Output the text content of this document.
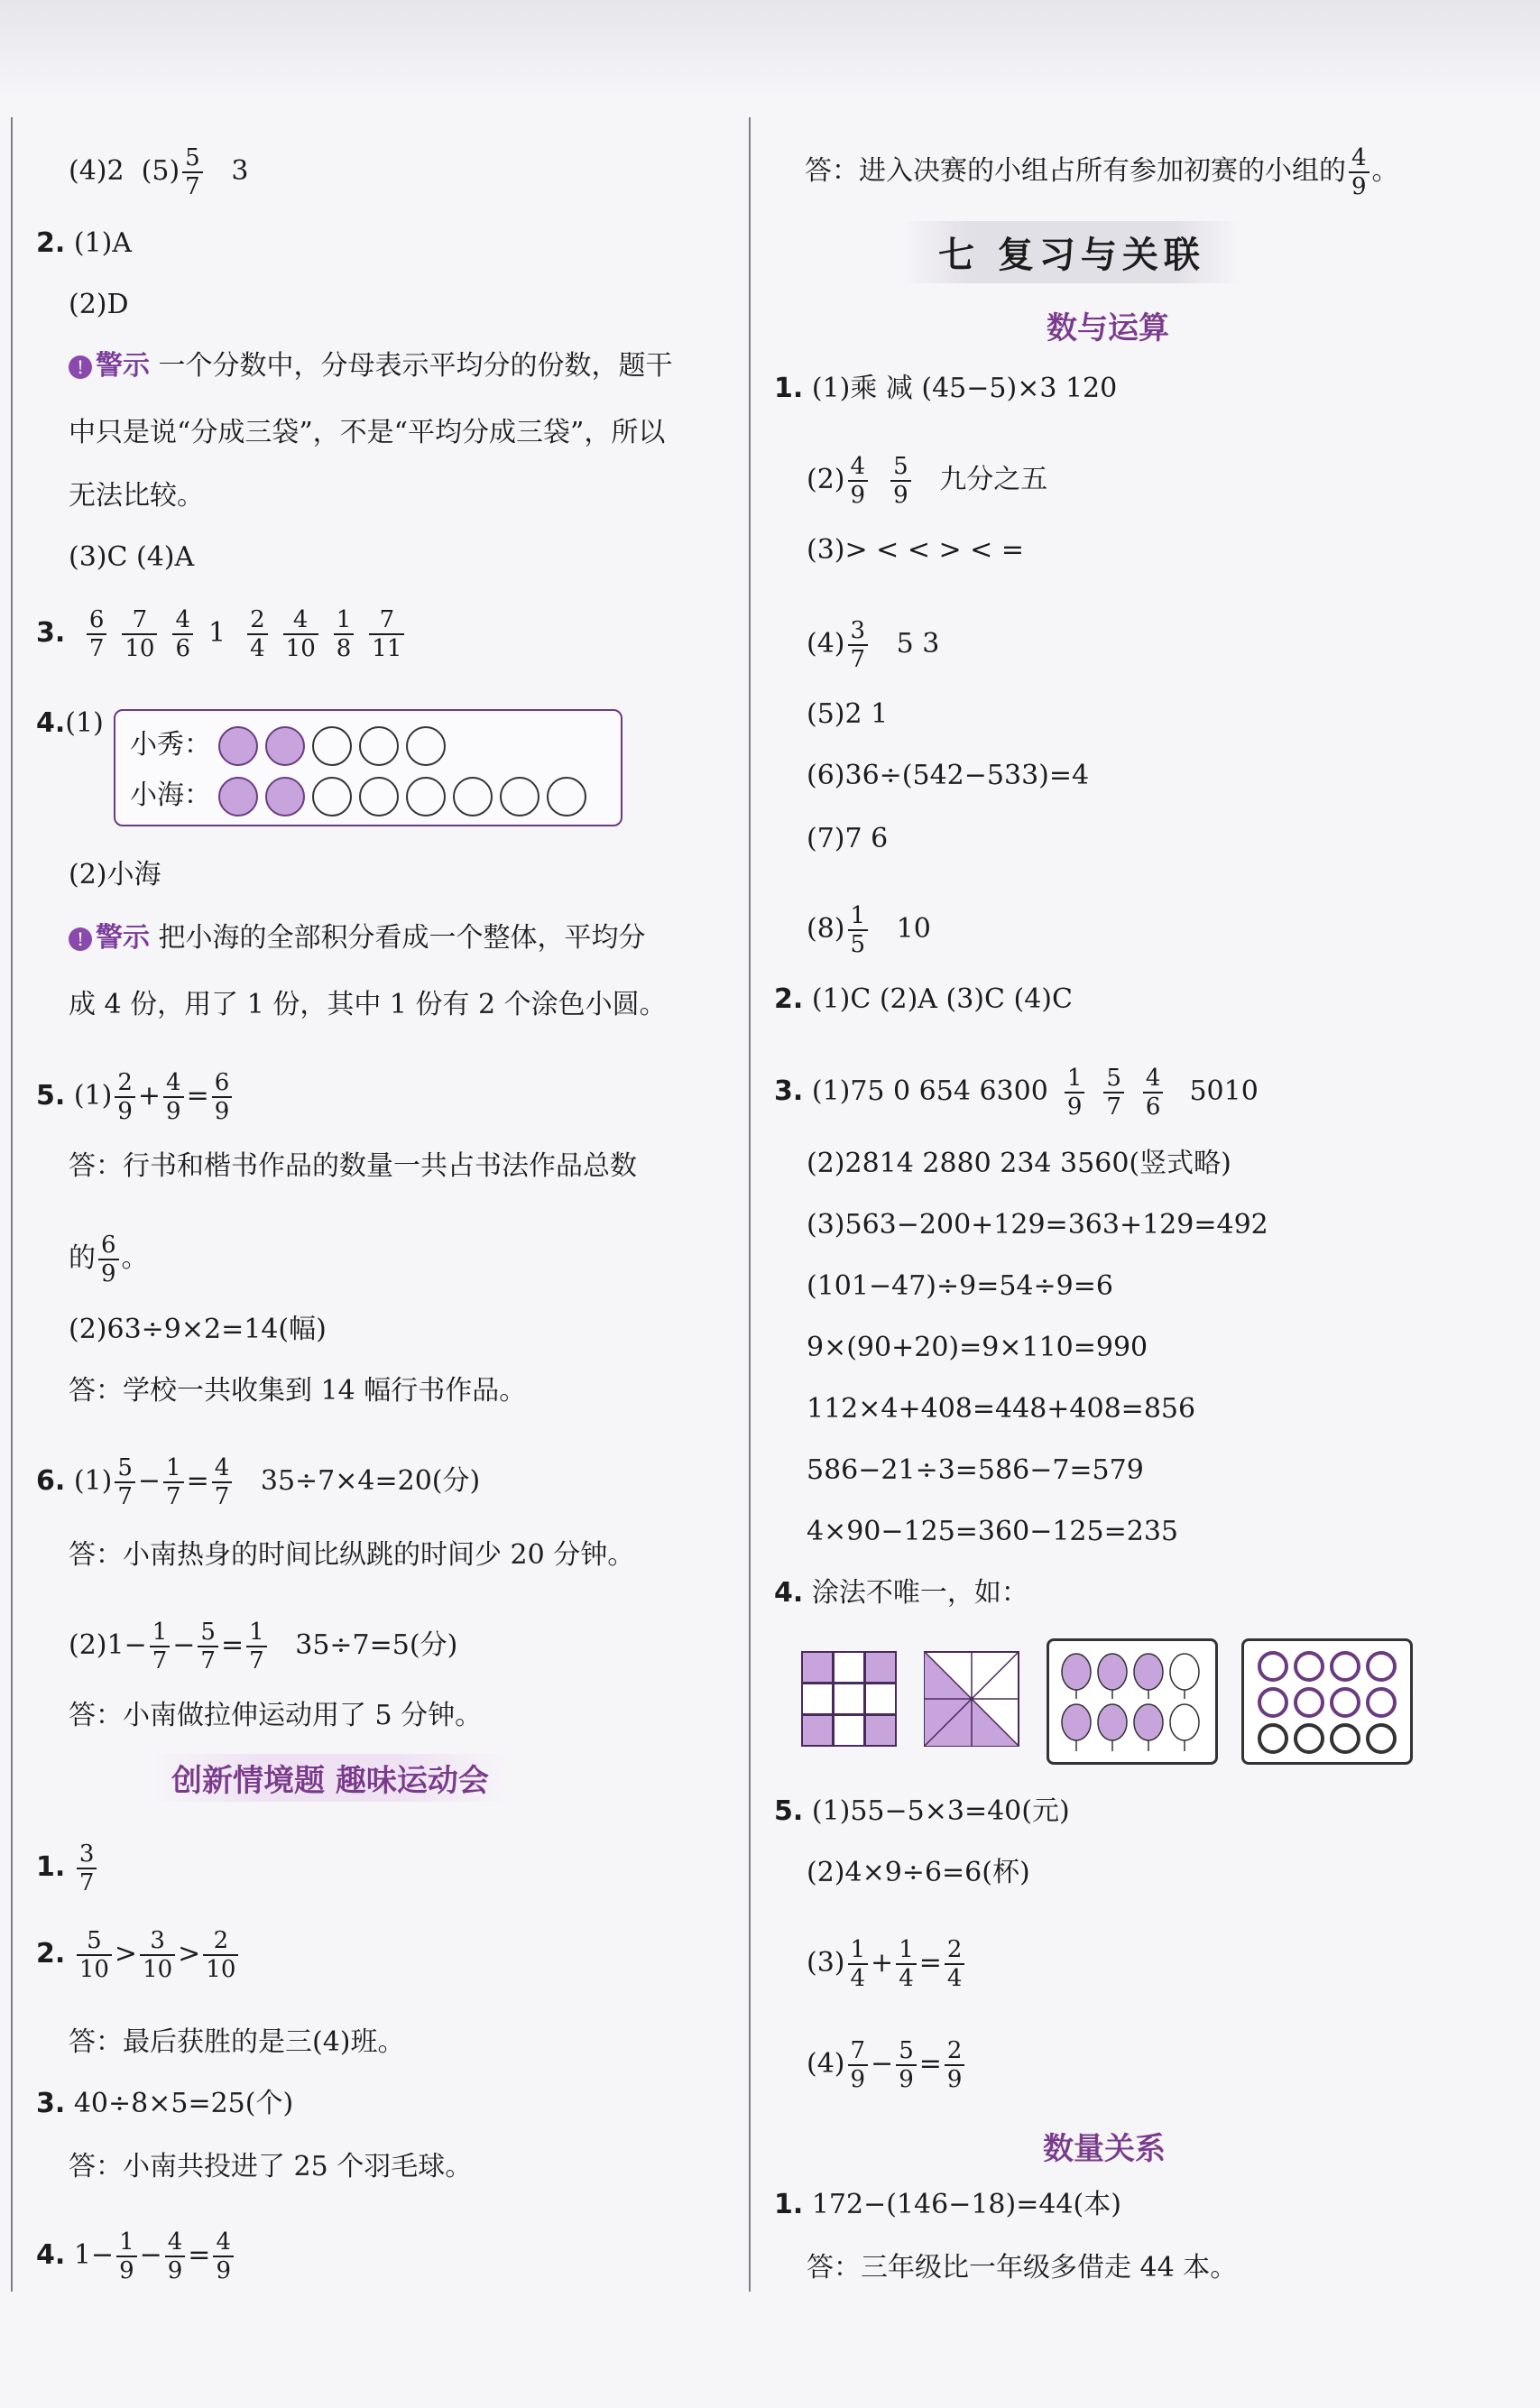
(4)2 $(5) \frac{5}{7} 3$
2. (1)A
(2)D
! 警示 一个分数中，分母表示平均分的份数，题干
中只是说“分成三袋”，不是“平均分成三袋”，所以
无法比较。
(3)C (4)A
3. $\frac{6}{7} \frac{7}{10} \frac{4}{6} 1 \frac{2}{4} \frac{4}{10} \frac{1}{8} \frac{7}{11}$
4.(1)
小秀：
小海：
(2)小海
! 警示 把小海的全部积分看成一个整体，平均分
成 4 份，用了 1 份，其中 1 份有 2 个涂色小圆。
5. $(1) \frac{2}{9} + \frac{4}{9} = \frac{6}{9}$
答：行书和楷书作品的数量一共占书法作品总数
的 $\frac{6}{9}$ 。
(2)63÷9×2=14(幅)
答：学校一共收集到 14 幅行书作品。
6. $(1) \frac{5}{7} - \frac{1}{7} = \frac{4}{7} 35\div 7\times 4=20$(分)
答：小南热身的时间比纵跳的时间少 20 分钟。
$(2)1- \frac{1}{7} - \frac{5}{7} = \frac{1}{7} 35\div 7=5$(分)
答：小南做拉伸运动用了 5 分钟。
创新情境题 趣味运动会
1. $\frac{3}{7}$
2. $\frac{5}{10} > \frac{3}{10} > \frac{2}{10}$
答：最后获胜的是三(4)班。
3. 40÷8×5=25(个)
答：小南共投进了 25 个羽毛球。
4. $1- \frac{1}{9} - \frac{4}{9} = \frac{4}{9}$
答：进入决赛的小组占所有参加初赛的小组的 $\frac{4}{9}$ 。
七 复习与关联
数与运算
1. (1)乘 减 (45−5)×3 120
$(2) \frac{4}{9}$
$\frac{5}{9}$ 九分之五
(3)> < < > < =
$(4) \frac{3}{7} 5$ 3
(5)2 1
(6)36÷(542−533)=4
(7)7 6
$(8) \frac{1}{5} 10$
2. (1)C (2)A (3)C (4)C
3. (1)75 0 654 $6300 \frac{1}{9} \frac{5}{7} \frac{4}{6} 5010$
(2)2814 2880 234 3560(竖式略)
(3)563−200+129=363+129=492
(101−47)÷9=54÷9=6
9×(90+20)=9×110=990
112×4+408=448+408=856
586−21÷3=586−7=579
4×90−125=360−125=235
4. 涂法不唯一，如：
5. (1)55−5×3=40(元)
(2)4×9÷6=6(杯)
$(3) \frac{1}{4} + \frac{1}{4} = \frac{2}{4}$
$(4) \frac{7}{9} - \frac{5}{9} = \frac{2}{9}$
数量关系
1. 172−(146−18)=44(本)
答：三年级比一年级多借走 44 本。
